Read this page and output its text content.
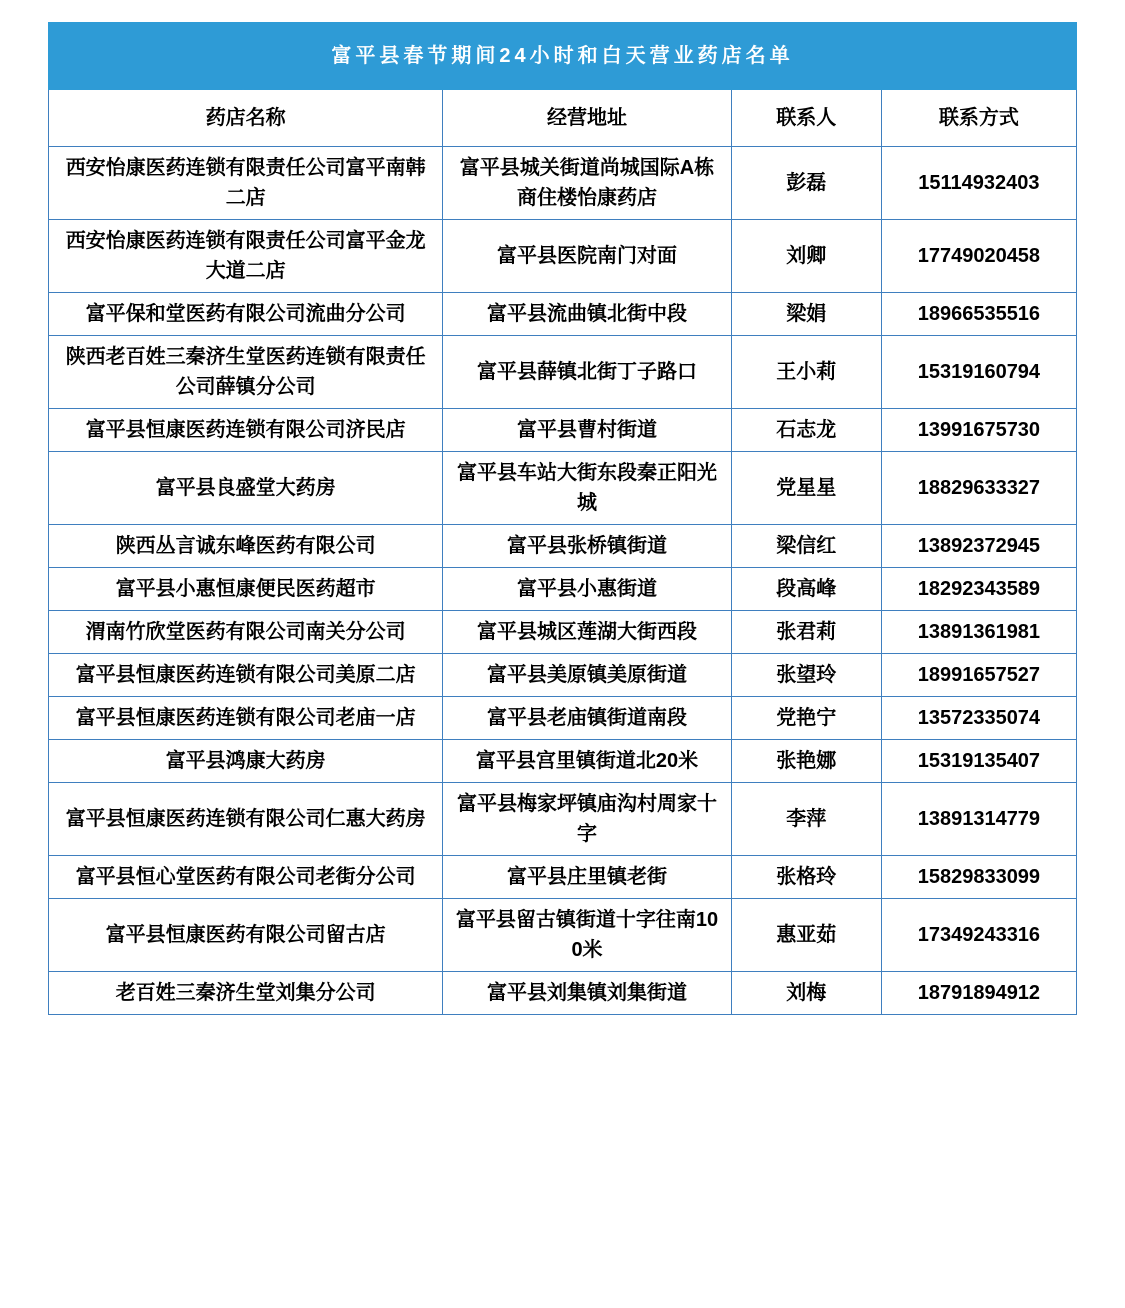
富平县春节期间24小时和白天营业药店名单			
药店名称	经营地址	联系人	联系方式
西安怡康医药连锁有限责任公司富平南韩二店	富平县城关街道尚城国际A栋商住楼怡康药店	彭磊	15114932403
西安怡康医药连锁有限责任公司富平金龙大道二店	富平县医院南门对面	刘卿	17749020458
富平保和堂医药有限公司流曲分公司	富平县流曲镇北街中段	梁娟	18966535516
陕西老百姓三秦济生堂医药连锁有限责任公司薛镇分公司	富平县薛镇北街丁子路口	王小莉	15319160794
富平县恒康医药连锁有限公司济民店	富平县曹村街道	石志龙	13991675730
富平县良盛堂大药房	富平县车站大街东段秦正阳光城	党星星	18829633327
陕西丛言诚东峰医药有限公司	富平县张桥镇街道	梁信红	13892372945
富平县小惠恒康便民医药超市	富平县小惠街道	段高峰	18292343589
渭南竹欣堂医药有限公司南关分公司	富平县城区莲湖大街西段	张君莉	13891361981
富平县恒康医药连锁有限公司美原二店	富平县美原镇美原街道	张望玲	18991657527
富平县恒康医药连锁有限公司老庙一店	富平县老庙镇街道南段	党艳宁	13572335074
富平县鸿康大药房	富平县宫里镇街道北20米	张艳娜	15319135407
富平县恒康医药连锁有限公司仁惠大药房	富平县梅家坪镇庙沟村周家十字	李萍	13891314779
富平县恒心堂医药有限公司老街分公司	富平县庄里镇老街	张格玲	15829833099
富平县恒康医药有限公司留古店	富平县留古镇街道十字往南100米	惠亚茹	17349243316
老百姓三秦济生堂刘集分公司	富平县刘集镇刘集街道	刘梅	18791894912
